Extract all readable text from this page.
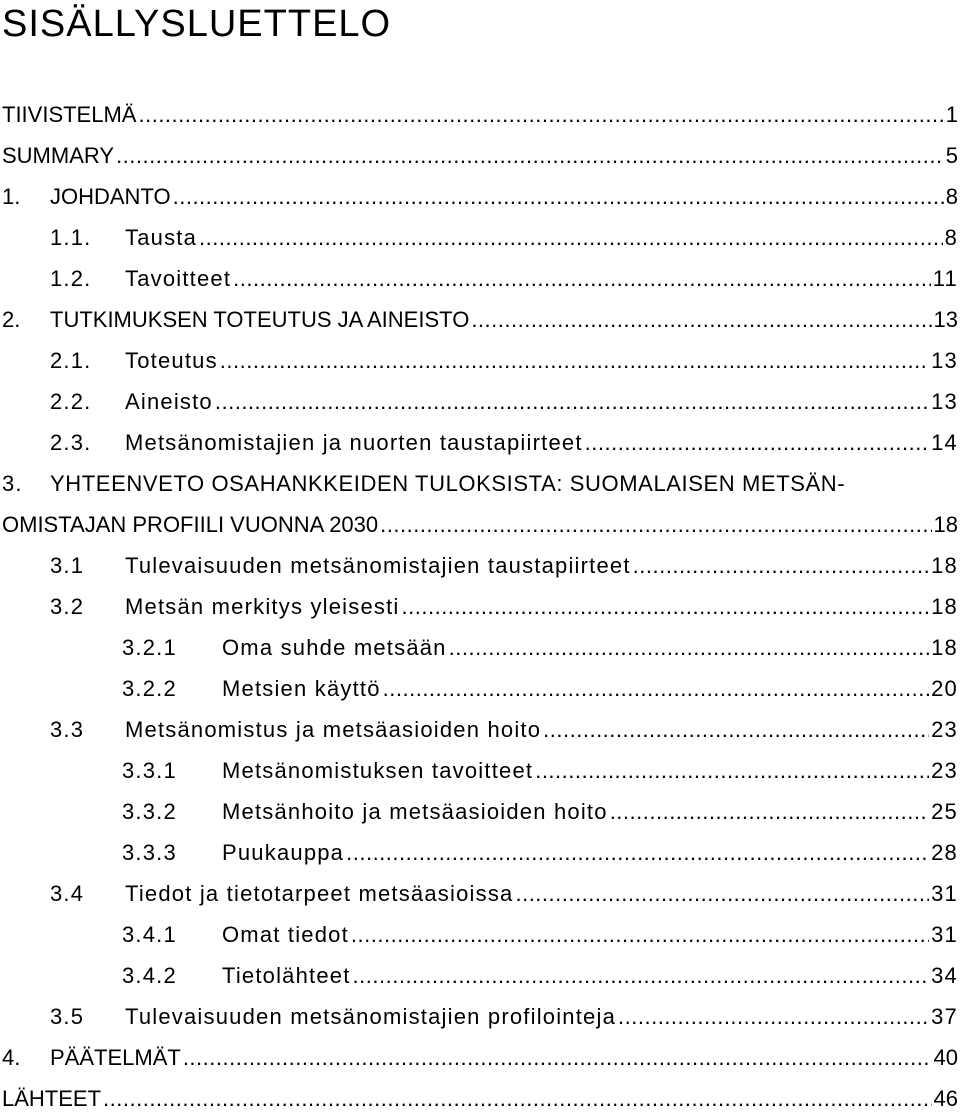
SISÄLLYSLUETTELO
TIIVISTELMÄ .....	1
SUMMARY .....	5
1. JOHDANTO .....	8
1.1. Tausta .....	8
1.2. Tavoitteet .....	11
2. TUTKIMUKSEN TOTEUTUS JA AINEISTO .....	13
2.1. Toteutus .....	13
2.2. Aineisto .....	13
2.3. Metsänomistajien ja nuorten taustapiirteet .....	14
3. YHTEENVETO OSAHANKKEIDEN TULOKSISTA: SUOMALAISEN METSÄN-
OMISTAJAN PROFIILI VUONNA 2030 .....	18
3.1 Tulevaisuuden metsänomistajien taustapiirteet .....	18
3.2 Metsän merkitys yleisesti .....	18
3.2.1 Oma suhde metsään .....	18
3.2.2 Metsien käyttö .....	20
3.3 Metsänomistus ja metsäasioiden hoito .....	23
3.3.1 Metsänomistuksen tavoitteet .....	23
3.3.2 Metsänhoito ja metsäasioiden hoito .....	25
3.3.3 Puukauppa .....	28
3.4 Tiedot ja tietotarpeet metsäasioissa .....	31
3.4.1 Omat tiedot .....	31
3.4.2 Tietolähteet .....	34
3.5 Tulevaisuuden metsänomistajien profilointeja .....	37
4. PÄÄTELMÄT .....	40
LÄHTEET .....	46
